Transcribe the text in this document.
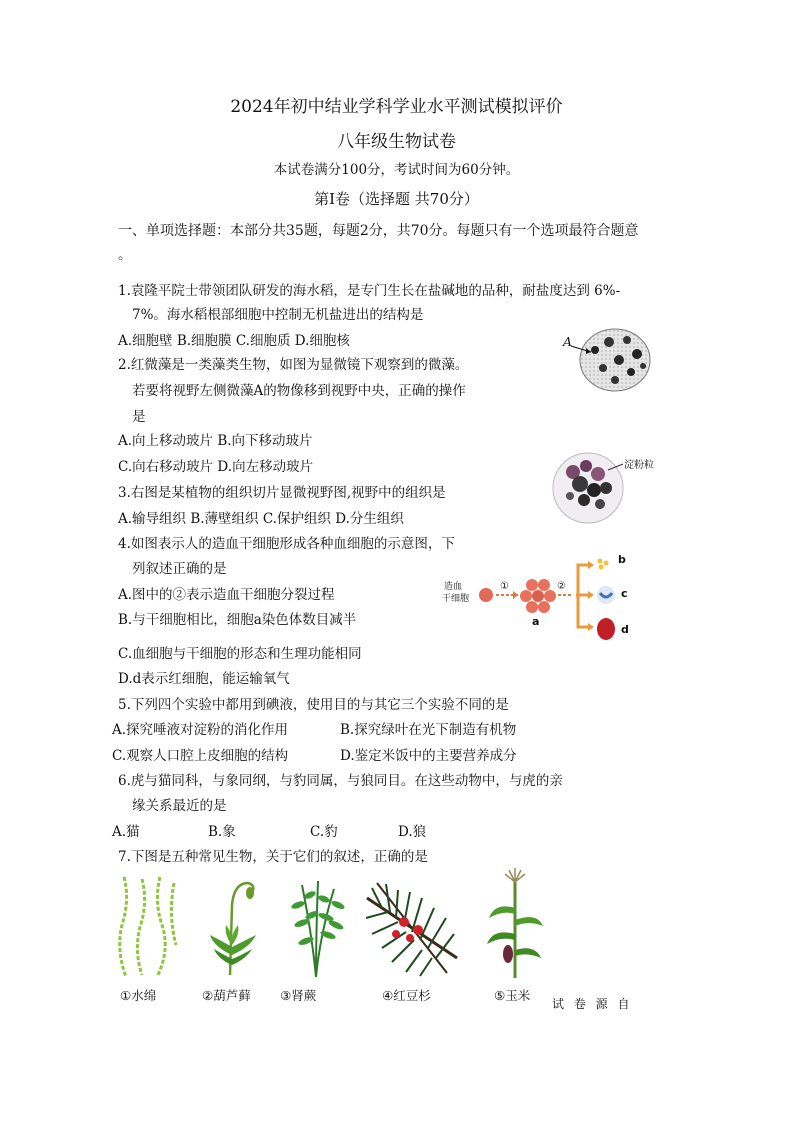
2024年初中结业学科学业水平测试模拟评价
八年级生物试卷
本试卷满分100分，考试时间为60分钟。
第Ⅰ卷（选择题 共70分）
一、单项选择题：本部分共35题，每题2分，共70分。每题只有一个选项最符合题意
。
1.袁隆平院士带领团队研发的海水稻，是专门生长在盐碱地的品种，耐盐度达到 6%-
7%。海水稻根部细胞中控制无机盐进出的结构是
A.细胞壁 B.细胞膜 C.细胞质 D.细胞核
2.红微藻是一类藻类生物，如图为显微镜下观察到的微藻。
若要将视野左侧微藻A的物像移到视野中央，正确的操作
是
A.向上移动玻片 B.向下移动玻片
C.向右移动玻片 D.向左移动玻片
A
3.右图是某植物的组织切片显微视野图,视野中的组织是
A.输导组织 B.薄壁组织 C.保护组织 D.分生组织
淀粉粒
4.如图表示人的造血干细胞形成各种血细胞的示意图，下
列叙述正确的是
A.图中的②表示造血干细胞分裂过程
B.与干细胞相比，细胞a染色体数目减半
C.血细胞与干细胞的形态和生理功能相同
D.d表示红细胞，能运输氧气
造血
干细胞
①	②
a
b
c
d
5.下列四个实验中都用到碘液，使用目的与其它三个实验不同的是
A.探究唾液对淀粉的消化作用	B.探究绿叶在光下制造有机物
C.观察人口腔上皮细胞的结构	D.鉴定米饭中的主要营养成分
6.虎与猫同科，与象同纲，与豹同属，与狼同目。在这些动物中，与虎的亲
缘关系最近的是
A.猫	B.象	C.豹	D.狼
7.下图是五种常见生物，关于它们的叙述，正确的是
①水绵	②葫芦藓 ③肾蕨	④红豆杉	⑤玉米
试 卷 源 自
